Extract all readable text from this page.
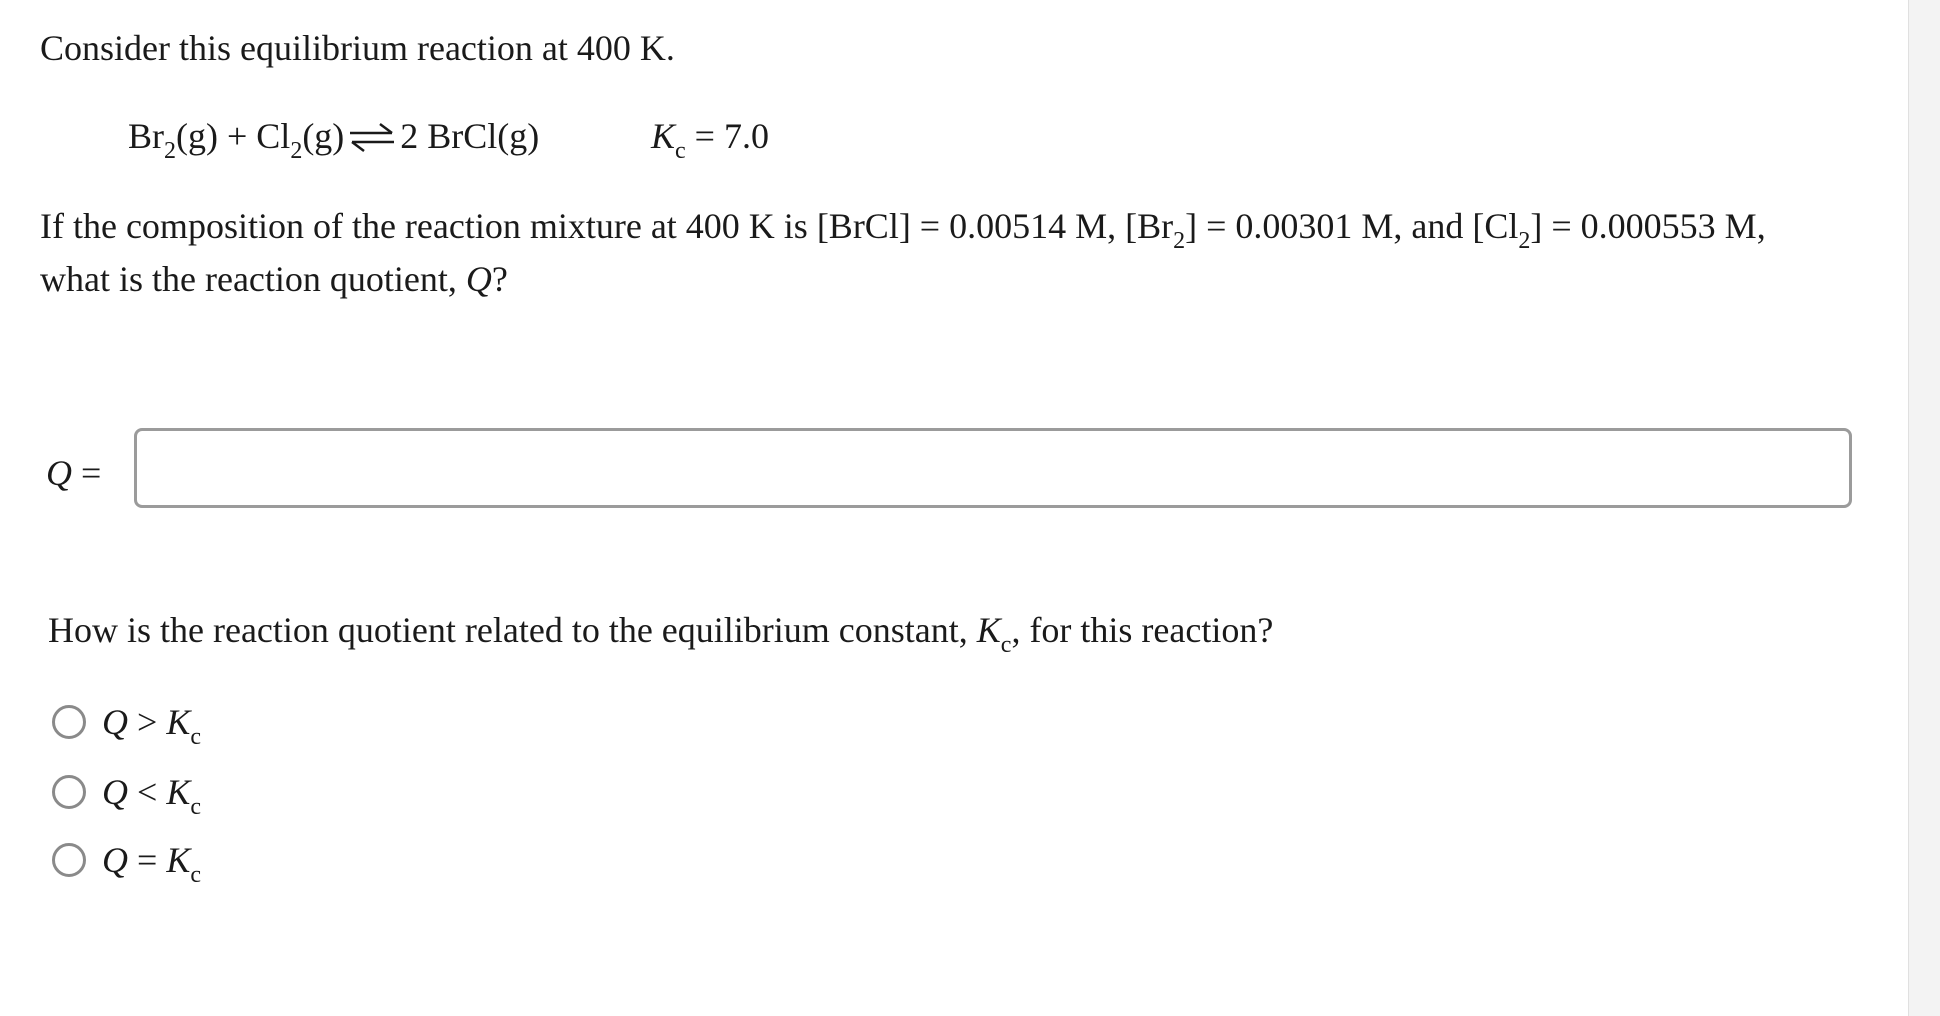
Consider this equilibrium reaction at 400 K.
$Br_2(g) + Cl_2(g)$ ⇌ 2 BrCl(g)	$K_c = 7.0$
If the composition of the reaction mixture at 400 K is [BrCl] = 0.00514 M, $[Br_2] = 0.00301$ M, and $[Cl_2] = 0.000553$ M,
what is the reaction quotient, Q?
Q =
How is the reaction quotient related to the equilibrium constant, $K_c$, for this reaction?
$Q > K_c$
$Q < K_c$
$Q = K_c$
